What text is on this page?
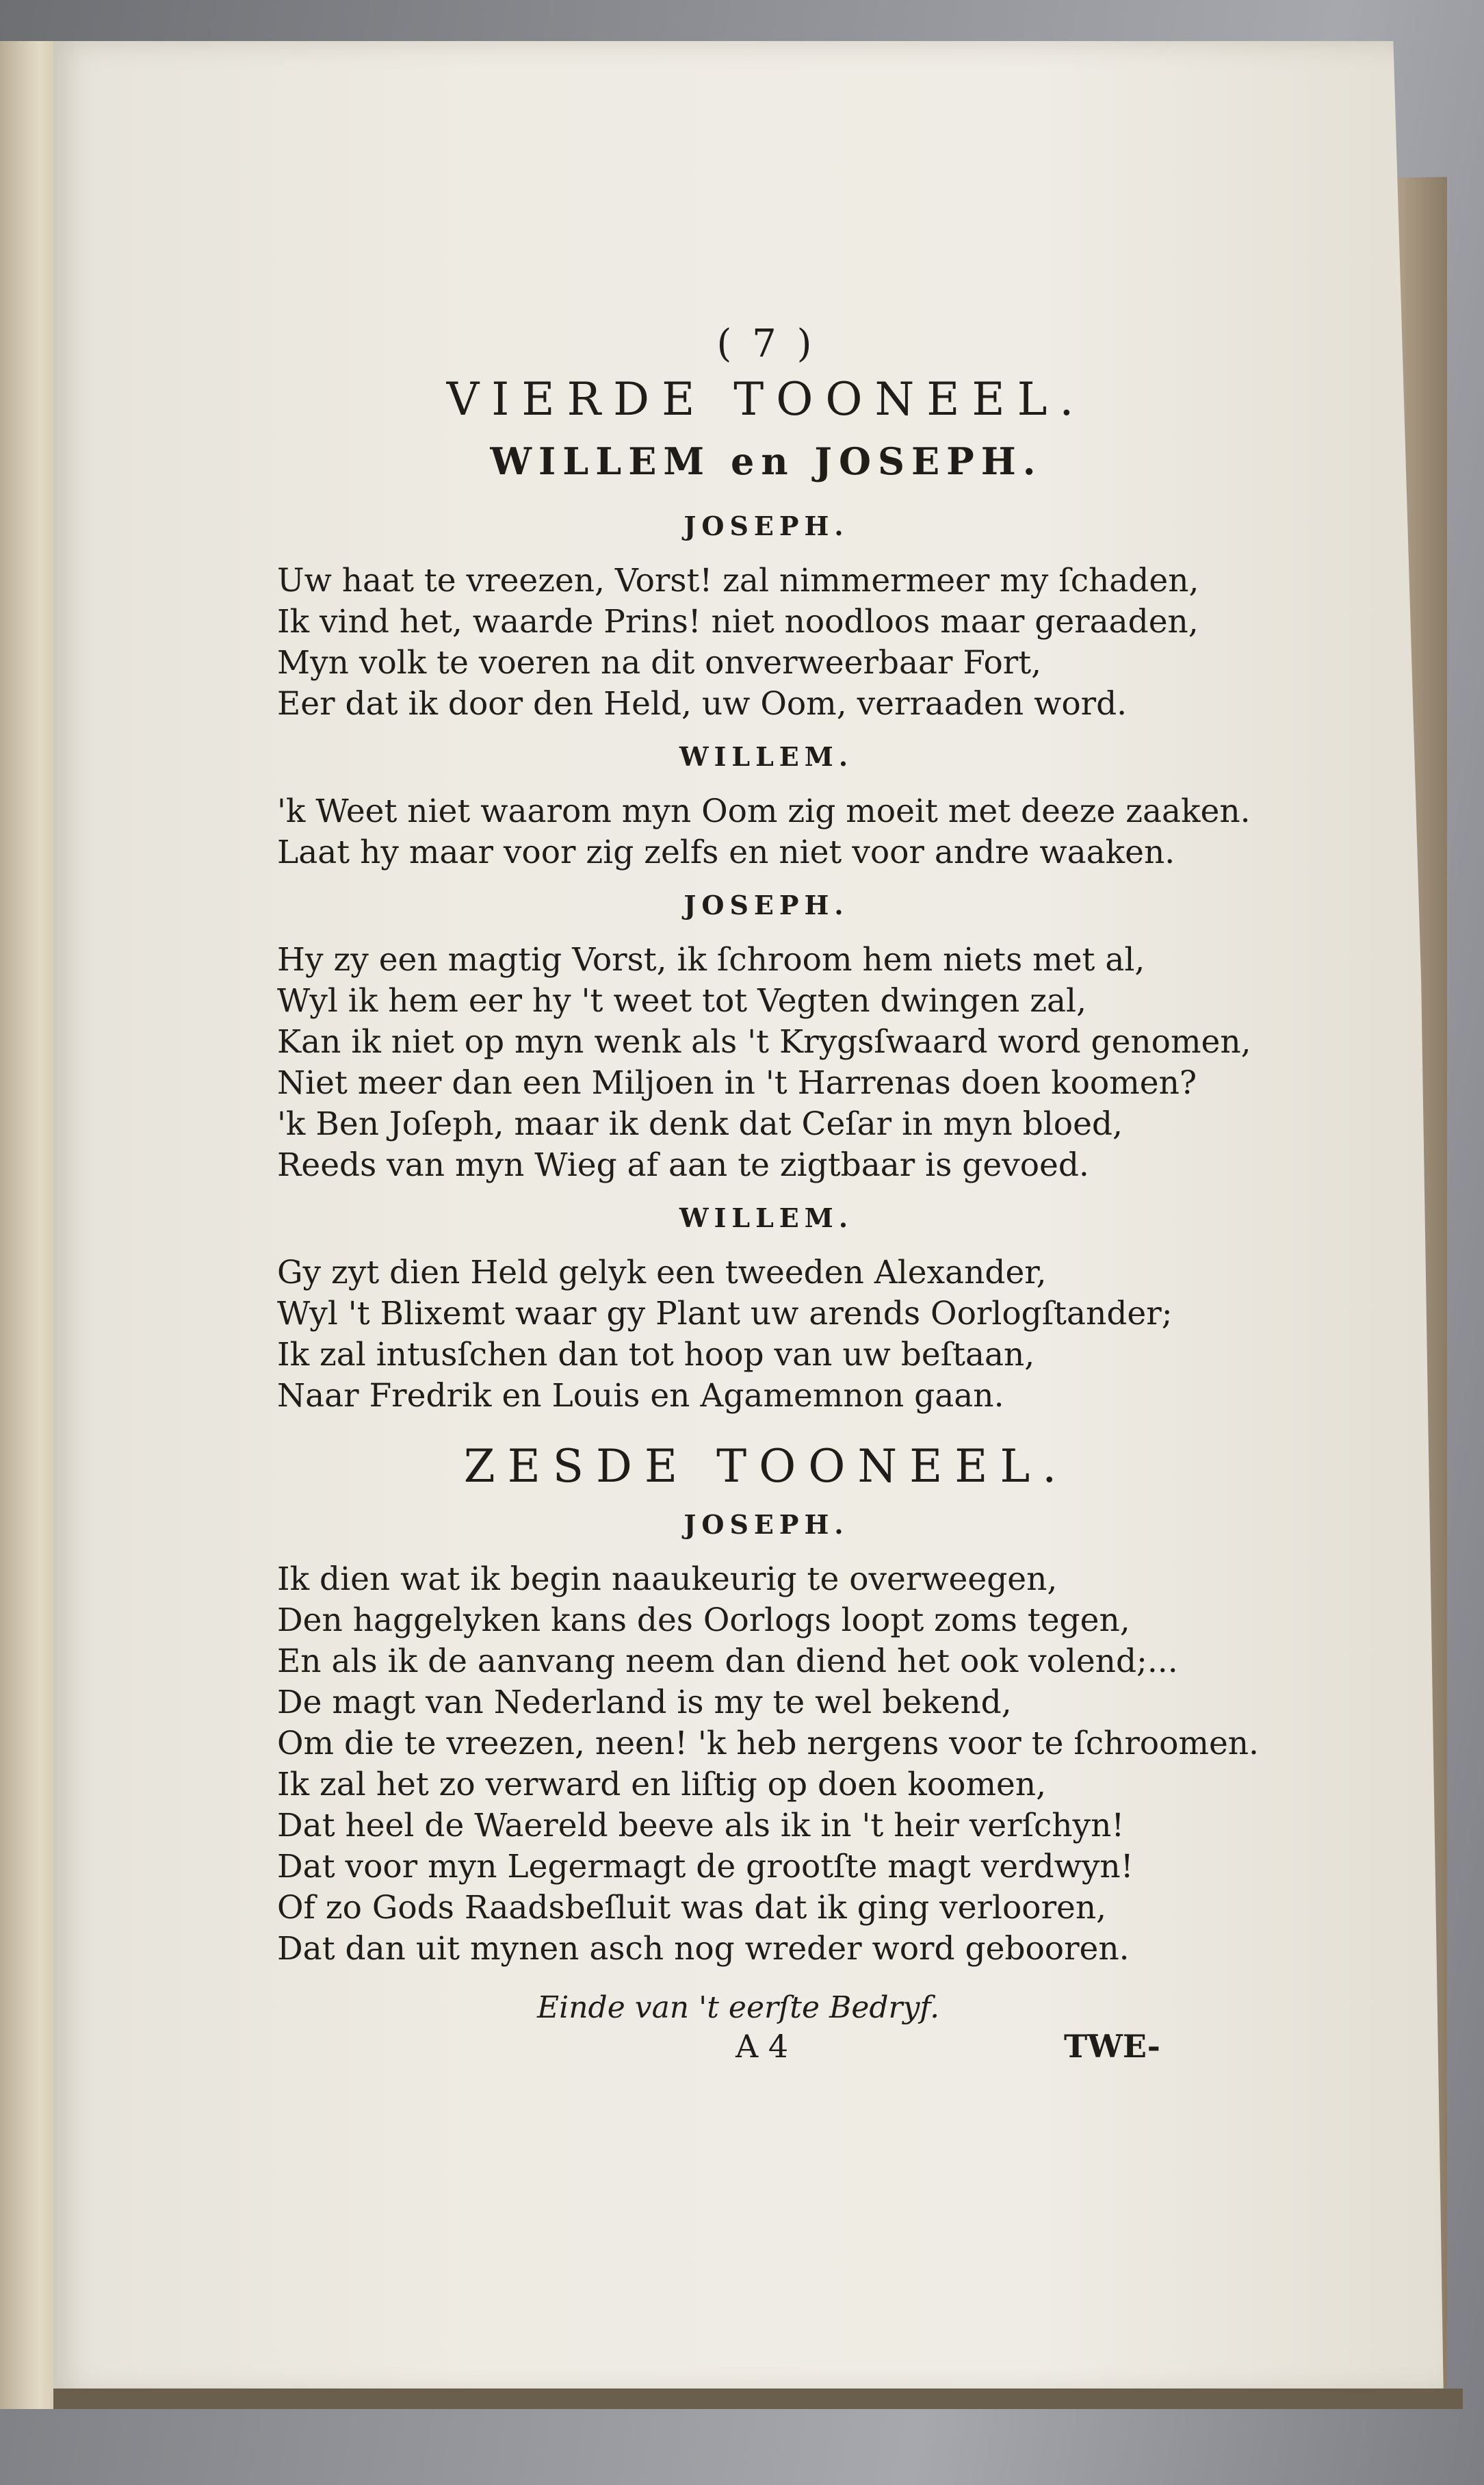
( 7 )
VIERDE TOONEEL.
WILLEM en JOSEPH.
JOSEPH.
Uw haat te vreezen, Vorst! zal nimmermeer my ſchaden,
Ik vind het, waarde Prins! niet noodloos maar geraaden,
Myn volk te voeren na dit onverweerbaar Fort,
Eer dat ik door den Held, uw Oom, verraaden word.
WILLEM.
'k Weet niet waarom myn Oom zig moeit met deeze zaaken.
Laat hy maar voor zig zelfs en niet voor andre waaken.
JOSEPH.
Hy zy een magtig Vorst, ik ſchroom hem niets met al,
Wyl ik hem eer hy 't weet tot Vegten dwingen zal,
Kan ik niet op myn wenk als 't Krygsſwaard word genomen,
Niet meer dan een Miljoen in 't Harrenas doen koomen?
'k Ben Joſeph, maar ik denk dat Ceſar in myn bloed,
Reeds van myn Wieg af aan te zigtbaar is gevoed.
WILLEM.
Gy zyt dien Held gelyk een tweeden Alexander,
Wyl 't Blixemt waar gy Plant uw arends Oorlogſtander;
Ik zal intusſchen dan tot hoop van uw beſtaan,
Naar Fredrik en Louis en Agamemnon gaan.
ZESDE TOONEEL.
JOSEPH.
Ik dien wat ik begin naaukeurig te overweegen,
Den haggelyken kans des Oorlogs loopt zoms tegen,
En als ik de aanvang neem dan diend het ook volend;...
De magt van Nederland is my te wel bekend,
Om die te vreezen, neen! 'k heb nergens voor te ſchroomen.
Ik zal het zo verward en liſtig op doen koomen,
Dat heel de Waereld beeve als ik in 't heir verſchyn!
Dat voor myn Legermagt de grootſte magt verdwyn!
Of zo Gods Raadsbeſluit was dat ik ging verlooren,
Dat dan uit mynen asch nog wreder word gebooren.
Einde van 't eerſte Bedryf.
A 4	TWE-
